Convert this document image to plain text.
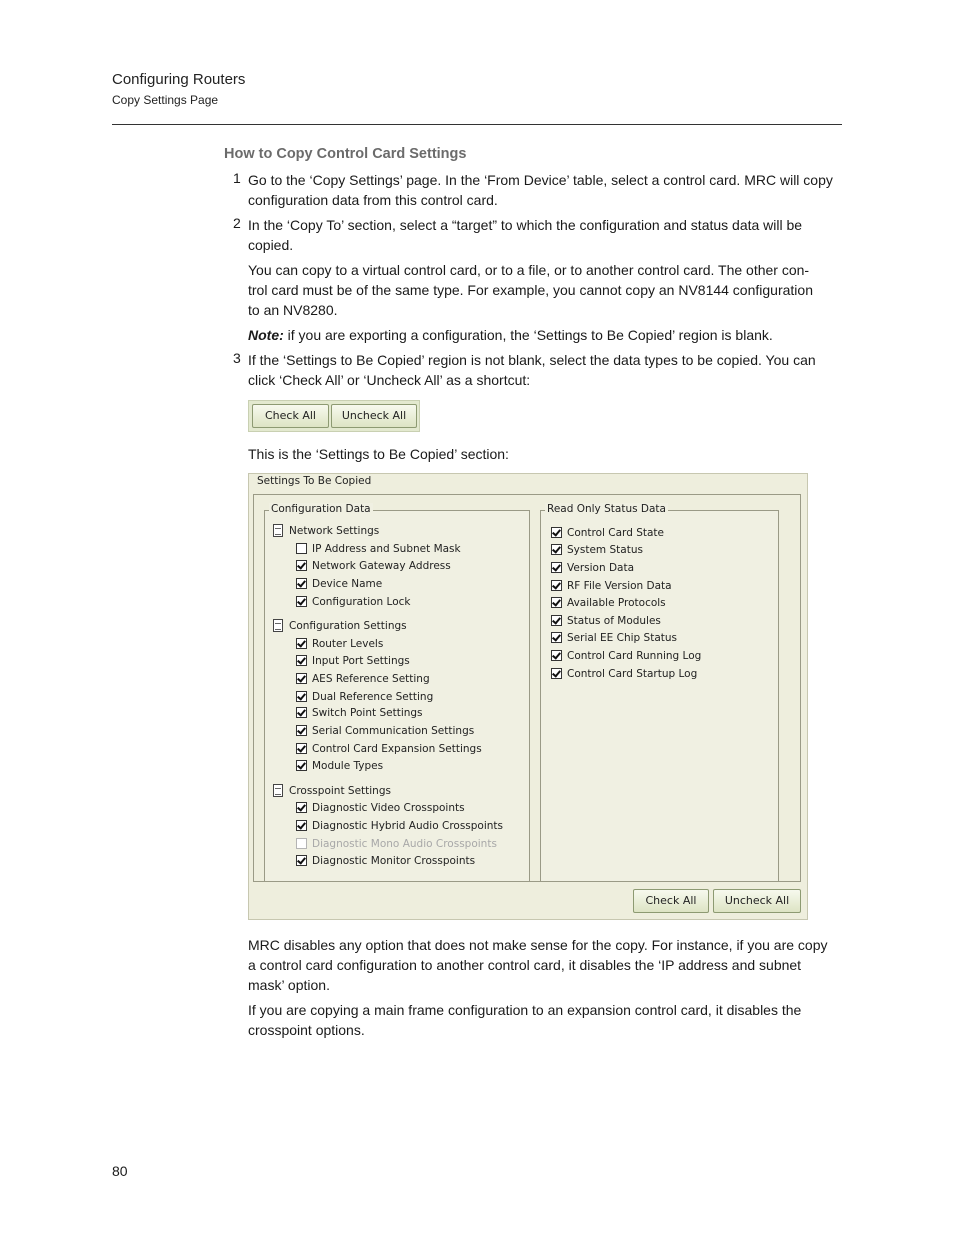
Configuring Routers
Copy Settings Page
How to Copy Control Card Settings
1 Go to the ‘Copy Settings’ page. In the ‘From Device’ table, select a control card. MRC will copy
configuration data from this control card.
2 In the ‘Copy To’ section, select a “target” to which the configuration and status data will be
copied.
You can copy to a virtual control card, or to a file, or to another control card. The other con-
trol card must be of the same type. For example, you cannot copy an NV8144 configuration
to an NV8280.
Note: if you are exporting a configuration, the ‘Settings to Be Copied’ region is blank.
3 If the ‘Settings to Be Copied’ region is not blank, select the data types to be copied. You can
click ‘Check All’ or ‘Uncheck All’ as a shortcut:
Check All	Uncheck All
This is the ‘Settings to Be Copied’ section:
Settings To Be Copied
Configuration Data	Read Only Status Data
Network Settings
IP Address and Subnet Mask
Network Gateway Address
Device Name
Configuration Lock
Configuration Settings
Router Levels
Input Port Settings
AES Reference Setting
Dual Reference Setting
Switch Point Settings
Serial Communication Settings
Control Card Expansion Settings
Module Types
Crosspoint Settings
Diagnostic Video Crosspoints
Diagnostic Hybrid Audio Crosspoints
Diagnostic Mono Audio Crosspoints
Diagnostic Monitor Crosspoints
Control Card State
System Status
Version Data
RF File Version Data
Available Protocols
Status of Modules
Serial EE Chip Status
Control Card Running Log
Control Card Startup Log
Check All	Uncheck All
MRC disables any option that does not make sense for the copy. For instance, if you are copy
a control card configuration to another control card, it disables the ‘IP address and subnet
mask’ option.
If you are copying a main frame configuration to an expansion control card, it disables the
crosspoint options.
80
